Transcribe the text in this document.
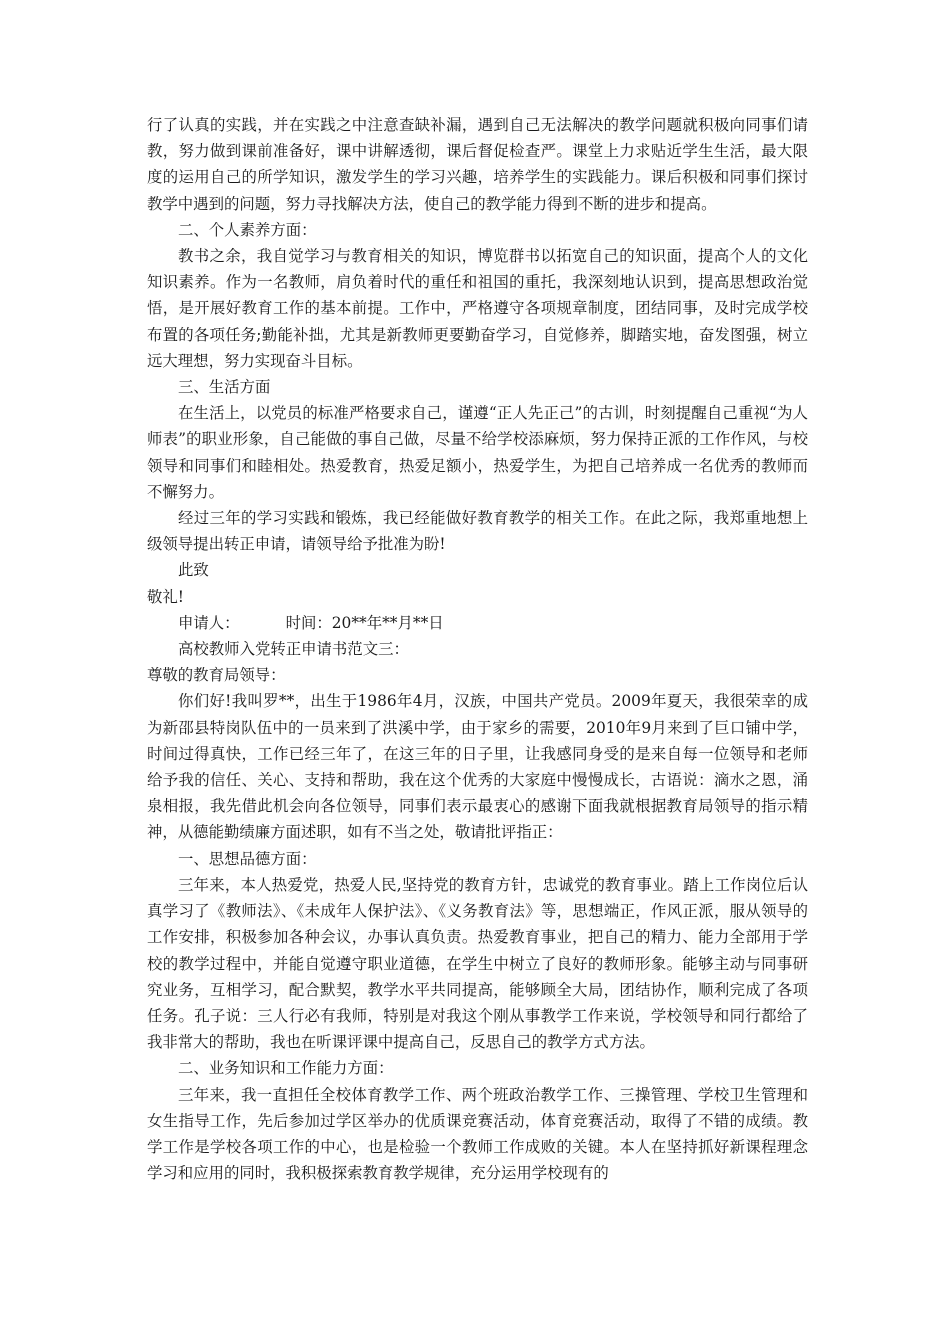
行了认真的实践，并在实践之中注意查缺补漏，遇到自己无法解决的教学问题就积极向同事们请教，努力做到课前准备好，课中讲解透彻，课后督促检查严。课堂上力求贴近学生生活，最大限度的运用自己的所学知识，激发学生的学习兴趣，培养学生的实践能力。课后积极和同事们探讨教学中遇到的问题，努力寻找解决方法，使自己的教学能力得到不断的进步和提高。

二、个人素养方面：

教书之余，我自觉学习与教育相关的知识，博览群书以拓宽自己的知识面，提高个人的文化知识素养。作为一名教师，肩负着时代的重任和祖国的重托，我深刻地认识到，提高思想政治觉悟，是开展好教育工作的基本前提。工作中，严格遵守各项规章制度，团结同事，及时完成学校布置的各项任务;勤能补拙，尤其是新教师更要勤奋学习，自觉修养，脚踏实地，奋发图强，树立远大理想，努力实现奋斗目标。

三、生活方面

在生活上，以党员的标准严格要求自己，谨遵“正人先正己”的古训，时刻提醒自己重视“为人师表”的职业形象，自己能做的事自己做，尽量不给学校添麻烦，努力保持正派的工作作风，与校领导和同事们和睦相处。热爱教育，热爱足额小，热爱学生，为把自己培养成一名优秀的教师而不懈努力。

经过三年的学习实践和锻炼，我已经能做好教育教学的相关工作。在此之际，我郑重地想上级领导提出转正申请，请领导给予批准为盼!

此致

敬礼!

申请人：	时间：20**年**月**日

高校教师入党转正申请书范文三：

尊敬的教育局领导：

你们好!我叫罗**，出生于1986年4月，汉族，中国共产党员。2009年夏天，我很荣幸的成为新邵县特岗队伍中的一员来到了洪溪中学，由于家乡的需要，2010年9月来到了巨口铺中学，时间过得真快，工作已经三年了，在这三年的日子里，让我感同身受的是来自每一位领导和老师给予我的信任、关心、支持和帮助，我在这个优秀的大家庭中慢慢成长，古语说：滴水之恩，涌泉相报，我先借此机会向各位领导，同事们表示最衷心的感谢下面我就根据教育局领导的指示精神，从德能勤绩廉方面述职，如有不当之处，敬请批评指正：

一、思想品德方面：

三年来，本人热爱党，热爱人民,坚持党的教育方针，忠诚党的教育事业。踏上工作岗位后认真学习了《教师法》、《未成年人保护法》、《义务教育法》等，思想端正，作风正派，服从领导的工作安排，积极参加各种会议，办事认真负责。热爱教育事业，把自己的精力、能力全部用于学校的教学过程中，并能自觉遵守职业道德，在学生中树立了良好的教师形象。能够主动与同事研究业务，互相学习，配合默契，教学水平共同提高，能够顾全大局，团结协作，顺利完成了各项任务。孔子说：三人行必有我师，特别是对我这个刚从事教学工作来说，学校领导和同行都给了我非常大的帮助，我也在听课评课中提高自己，反思自己的教学方式方法。

二、业务知识和工作能力方面：

三年来，我一直担任全校体育教学工作、两个班政治教学工作、三操管理、学校卫生管理和女生指导工作，先后参加过学区举办的优质课竞赛活动，体育竞赛活动，取得了不错的成绩。教学工作是学校各项工作的中心，也是检验一个教师工作成败的关键。本人在坚持抓好新课程理念学习和应用的同时，我积极探索教育教学规律，充分运用学校现有的
